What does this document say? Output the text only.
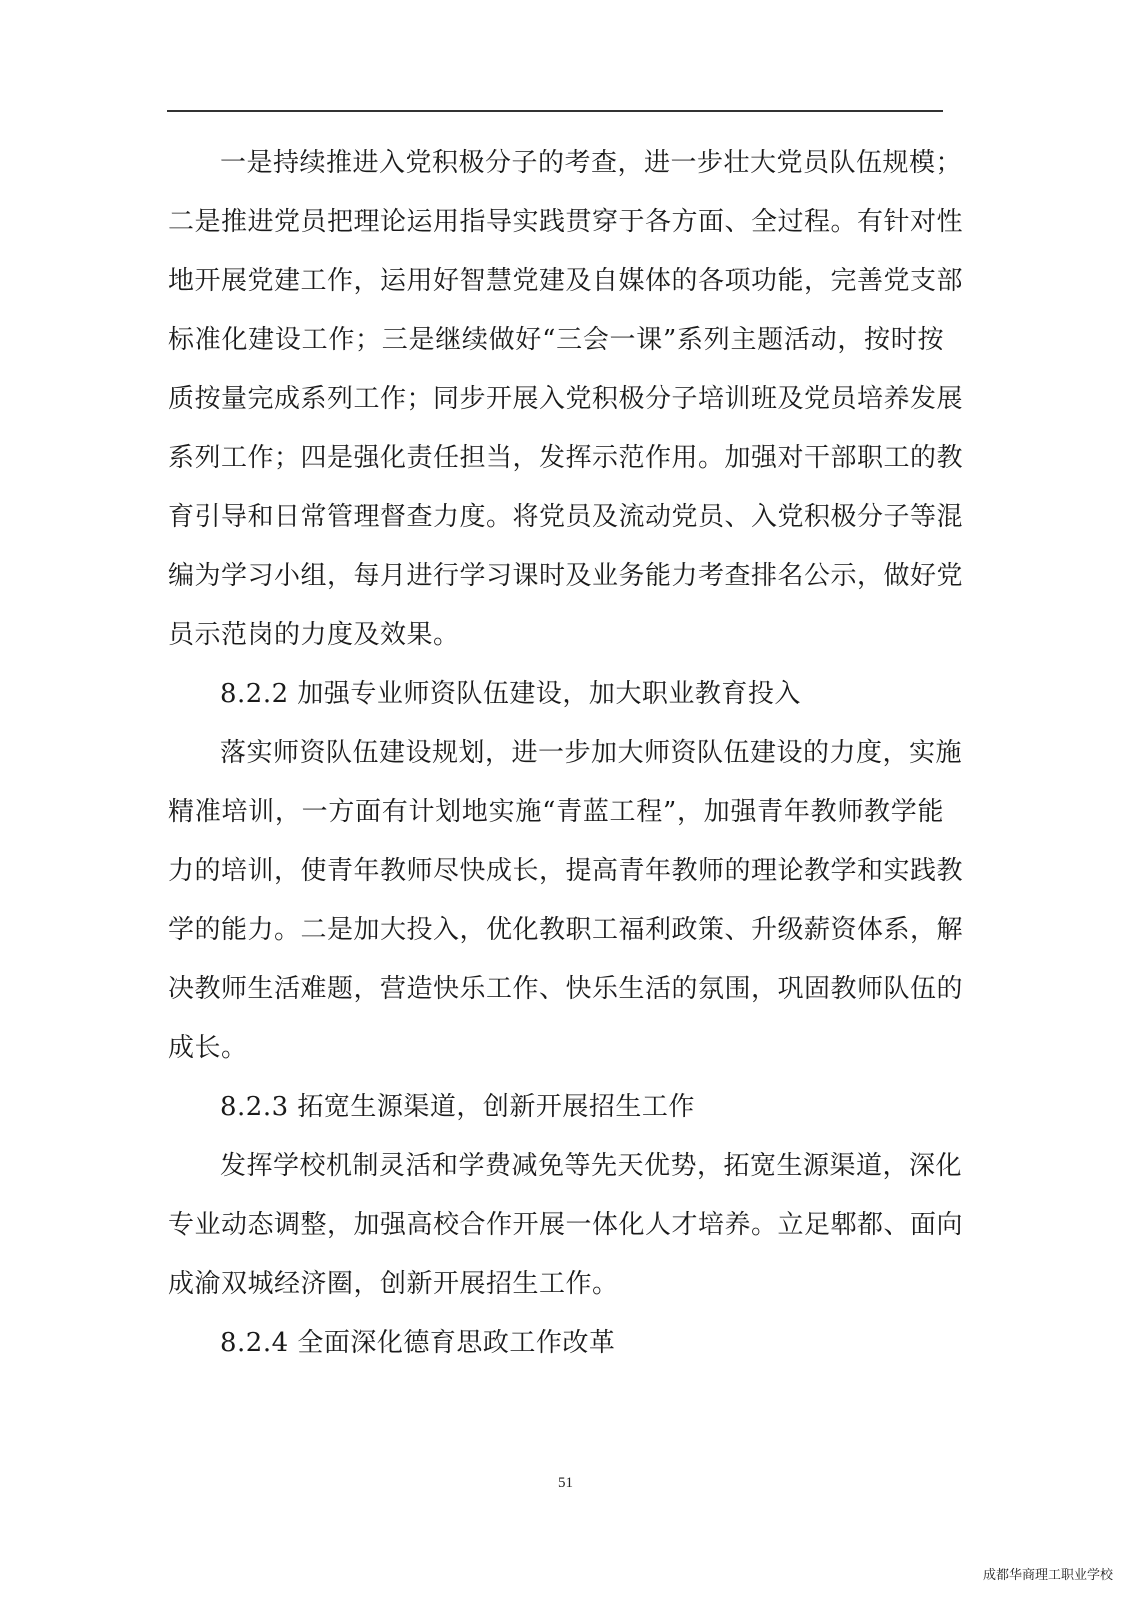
一是持续推进入党积极分子的考查，进一步壮大党员队伍规模；
二是推进党员把理论运用指导实践贯穿于各方面、全过程。有针对性
地开展党建工作，运用好智慧党建及自媒体的各项功能，完善党支部
标准化建设工作；三是继续做好“三会一课”系列主题活动，按时按
质按量完成系列工作；同步开展入党积极分子培训班及党员培养发展
系列工作；四是强化责任担当，发挥示范作用。加强对干部职工的教
育引导和日常管理督查力度。将党员及流动党员、入党积极分子等混
编为学习小组，每月进行学习课时及业务能力考查排名公示，做好党
员示范岗的力度及效果。
8.2.2 加强专业师资队伍建设，加大职业教育投入
落实师资队伍建设规划，进一步加大师资队伍建设的力度，实施
精准培训，一方面有计划地实施“青蓝工程”，加强青年教师教学能
力的培训，使青年教师尽快成长，提高青年教师的理论教学和实践教
学的能力。二是加大投入，优化教职工福利政策、升级薪资体系，解
决教师生活难题，营造快乐工作、快乐生活的氛围，巩固教师队伍的
成长。
8.2.3 拓宽生源渠道，创新开展招生工作
发挥学校机制灵活和学费减免等先天优势，拓宽生源渠道，深化
专业动态调整，加强高校合作开展一体化人才培养。立足郫都、面向
成渝双城经济圈，创新开展招生工作。
8.2.4 全面深化德育思政工作改革
51
成都华商理工职业学校
